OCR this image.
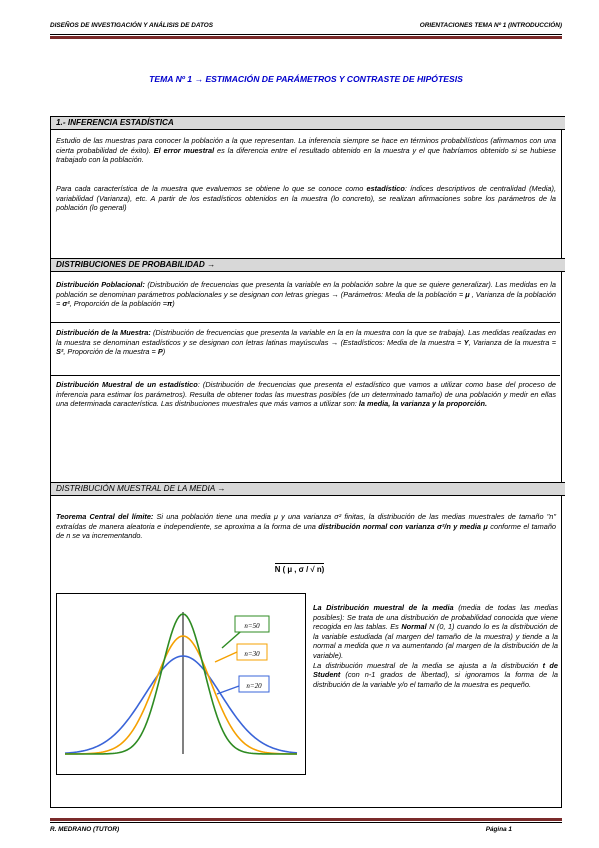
DISEÑOS DE INVESTIGACIÓN Y ANÁLISIS DE DATOS	ORIENTACIONES TEMA Nº 1 (INTRODUCCIÓN)
TEMA Nº 1 → ESTIMACIÓN DE PARÁMETROS Y CONTRASTE DE HIPÓTESIS
1.- INFERENCIA ESTADÍSTICA
Estudio de las muestras para conocer la población a la que representan. La inferencia siempre se hace en términos probabilísticos (afirmamos con una cierta probabilidad de éxito). El error muestral es la diferencia entre el resultado obtenido en la muestra y el que habríamos obtenido si se hubiese trabajado con la población.
Para cada característica de la muestra que evaluemos se obtiene lo que se conoce como estadístico: índices descriptivos de centralidad (Media), variabilidad (Varianza), etc. A partir de los estadísticos obtenidos en la muestra (lo concreto), se realizan afirmaciones sobre los parámetros de la población (lo general)
DISTRIBUCIONES DE PROBABILIDAD →
Distribución Poblacional: (Distribución de frecuencias que presenta la variable en la población sobre la que se quiere generalizar). Las medidas en la población se denominan parámetros poblacionales y se designan con letras griegas → (Parámetros: Media de la población = μ , Varianza de la población = σ², Proporción de la población =π)
Distribución de la Muestra: (Distribución de frecuencias que presenta la variable en la en la muestra con la que se trabaja). Las medidas realizadas en la muestra se denominan estadísticos y se designan con letras latinas mayúsculas → (Estadísticos: Media de la muestra = Y, Varianza de la muestra = S², Proporción de la muestra = P)
Distribución Muestral de un estadístico: (Distribución de frecuencias que presenta el estadístico que vamos a utilizar como base del proceso de inferencia para estimar los parámetros). Resulta de obtener todas las muestras posibles (de un determinado tamaño) de una población y medir en ellas una determinada característica. Las distribuciones muestrales que más vamos a utilizar son: la media, la varianza y la proporción.
DISTRIBUCIÓN MUESTRAL DE LA MEDIA →
Teorema Central del límite: Si una población tiene una media μ y una varianza σ² finitas, la distribución de las medias muestrales de tamaño "n" extraídas de manera aleatoria e independiente, se aproxima a la forma de una distribución normal con varianza σ²/n y media μ conforme el tamaño de n se va incrementando.
N ( μ , σ / √ n)
n=50
n=30
n=20
La Distribución muestral de la media (media de todas las medias posibles): Se trata de una distribución de probabilidad conocida que viene recogida en las tablas. Es Normal N (0, 1) cuando lo es la distribución de la variable estudiada (al margen del tamaño de la muestra) y tiende a la normal a medida que n va aumentando (al margen de la distribución de la variable).
La distribución muestral de la media se ajusta a la distribución t de Student (con n-1 grados de libertad), si ignoramos la forma de la distribución de la variable y/o el tamaño de la muestra es pequeño.
R. MEDRANO (TUTOR)	Página 1
